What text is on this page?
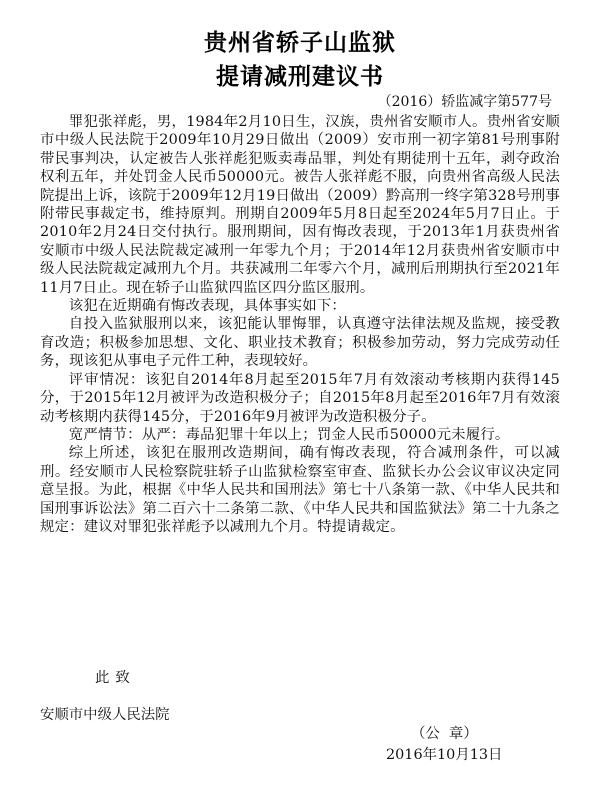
贵州省轿子山监狱
提请减刑建议书
（2016）轿监减字第577号

罪犯张祥彪，男，1984年2月10日生，汉族，贵州省安顺市人。贵州省安顺市中级人民法院于2009年10月29日做出（2009）安市刑一初字第81号刑事附带民事判决，认定被告人张祥彪犯贩卖毒品罪，判处有期徒刑十五年，剥夺政治权利五年，并处罚金人民币50000元。被告人张祥彪不服，向贵州省高级人民法院提出上诉，该院于2009年12月19日做出（2009）黔高刑一终字第328号刑事附带民事裁定书，维持原判。刑期自2009年5月8日起至2024年5月7日止。于2010年2月24日交付执行。服刑期间，因有悔改表现，于2013年1月获贵州省安顺市中级人民法院裁定减刑一年零九个月；于2014年12月获贵州省安顺市中级人民法院裁定减刑九个月。共获减刑二年零六个月，减刑后刑期执行至2021年11月7日止。现在轿子山监狱四监区四分监区服刑。

该犯在近期确有悔改表现，具体事实如下：

自投入监狱服刑以来，该犯能认罪悔罪，认真遵守法律法规及监规，接受教育改造；积极参加思想、文化、职业技术教育；积极参加劳动，努力完成劳动任务，现该犯从事电子元件工种，表现较好。

评审情况：该犯自2014年8月起至2015年7月有效滚动考核期内获得145分，于2015年12月被评为改造积极分子；自2015年8月起至2016年7月有效滚动考核期内获得145分，于2016年9月被评为改造积极分子。

宽严情节：从严：毒品犯罪十年以上；罚金人民币50000元未履行。

综上所述，该犯在服刑改造期间，确有悔改表现，符合减刑条件，可以减刑。经安顺市人民检察院驻轿子山监狱检察室审查、监狱长办公会议审议决定同意呈报。为此，根据《中华人民共和国刑法》第七十八条第一款、《中华人民共和国刑事诉讼法》第二百六十二条第二款、《中华人民共和国监狱法》第二十九条之规定：建议对罪犯张祥彪予以减刑九个月。特提请裁定。

此致
安顺市中级人民法院
（公  章）
2016年10月13日
